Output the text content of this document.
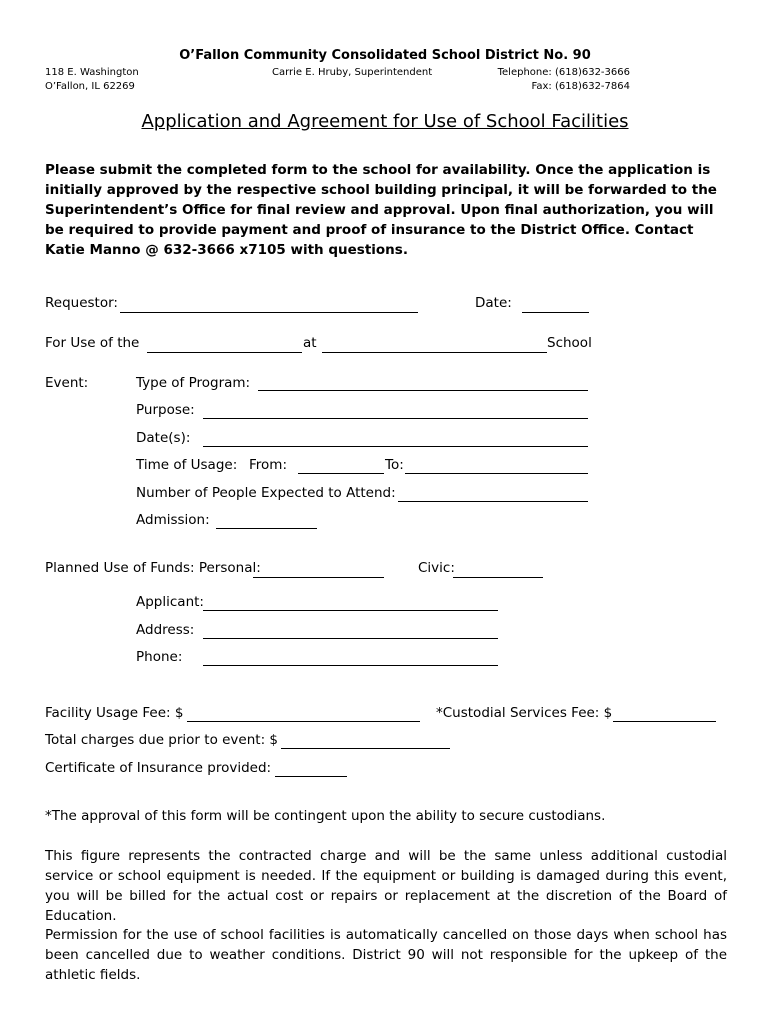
O’Fallon Community Consolidated School District No. 90
118 E. Washington
O’Fallon, IL 62269
Carrie E. Hruby, Superintendent	Telephone: (618)632-3666
Fax: (618)632-7864
Application and Agreement for Use of School Facilities
Please submit the completed form to the school for availability. Once the application is initially approved by the respective school building principal, it will be forwarded to the Superintendent’s Office for final review and approval. Upon final authorization, you will be required to provide payment and proof of insurance to the District Office. Contact Katie Manno @ 632-3666 x7105 with questions.
Requestor:	Date:
For Use of the	at	School
Event:	Type of Program:
Purpose:
Date(s):
Time of Usage: From:	To:
Number of People Expected to Attend:
Admission:
Planned Use of Funds: Personal:	Civic:
Applicant:
Address:
Phone:
Facility Usage Fee: $	*Custodial Services Fee: $
Total charges due prior to event: $
Certificate of Insurance provided:
*The approval of this form will be contingent upon the ability to secure custodians.
This figure represents the contracted charge and will be the same unless additional custodial service or school equipment is needed. If the equipment or building is damaged during this event, you will be billed for the actual cost or repairs or replacement at the discretion of the Board of Education.
Permission for the use of school facilities is automatically cancelled on those days when school has been cancelled due to weather conditions. District 90 will not responsible for the upkeep of the athletic fields.
